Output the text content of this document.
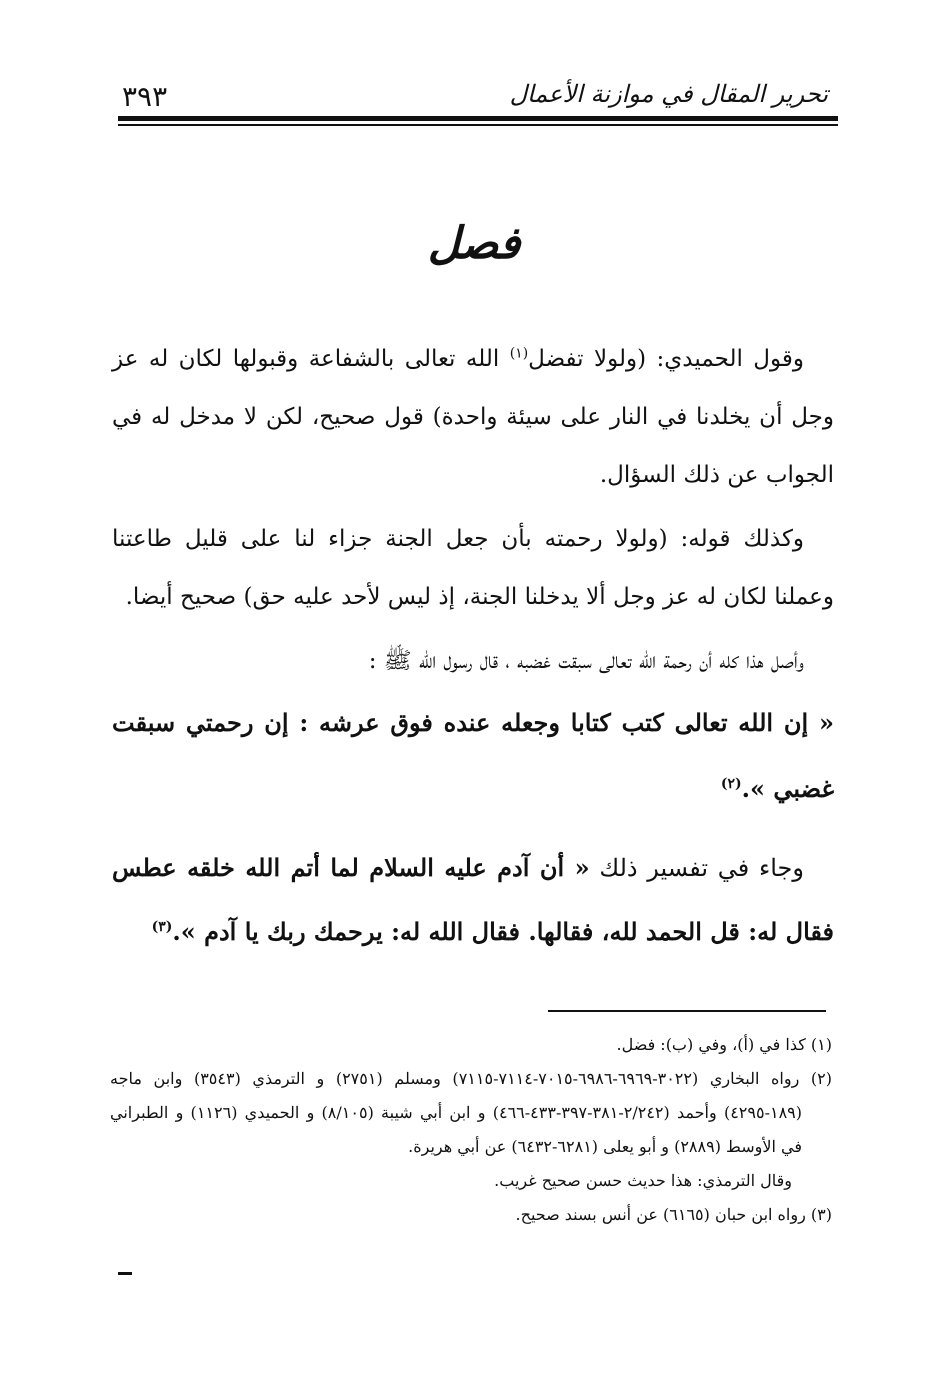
٣٩٣	تحرير المقال في موازنة الأعمال
فصل

وقول الحميدي: (ولولا تفضل$^{(١)}$ الله تعالى بالشفاعة وقبولها لكان له عز وجل أن يخلدنا في النار على سيئة واحدة) قول صحيح، لكن لا مدخل له في الجواب عن ذلك السؤال.

وكذلك قوله: (ولولا رحمته بأن جعل الجنة جزاء لنا على قليل طاعتنا وعملنا لكان له عز وجل ألا يدخلنا الجنة، إذ ليس لأحد عليه حق) صحيح أيضا.

وأصل هذا كله أن رحمة الله تعالى سبقت غضبه ، قال رسول الله ﷺ :

« إن الله تعالى كتب كتابا وجعله عنده فوق عرشه : إن رحمتي سبقت غضبي ».$^{(٢)}$

وجاء في تفسير ذلك « أن آدم عليه السلام لما أتم الله خلقه عطس فقال له: قل الحمد لله، فقالها. فقال الله له: يرحمك ربك يا آدم ».$^{(٣)}$

(١) كذا في (أ)، وفي (ب): فضل.

(٢) رواه البخاري (٣٠٢٢-٦٩٦٩-٦٩٨٦-٧٠١٥-٧١١٤-٧١١٥) ومسلم (٢٧٥١) و الترمذي (٣٥٤٣) وابن ماجه (١٨٩-٤٢٩٥) وأحمد (٢/٢٤٢-٣٨١-٣٩٧-٤٣٣-٤٦٦) و ابن أبي شيبة (٨/١٠٥) و الحميدي (١١٢٦) و الطبراني في الأوسط (٢٨٨٩) و أبو يعلى (٦٢٨١-٦٤٣٢) عن أبي هريرة.

وقال الترمذي: هذا حديث حسن صحيح غريب.

(٣) رواه ابن حبان (٦١٦٥) عن أنس بسند صحيح.
